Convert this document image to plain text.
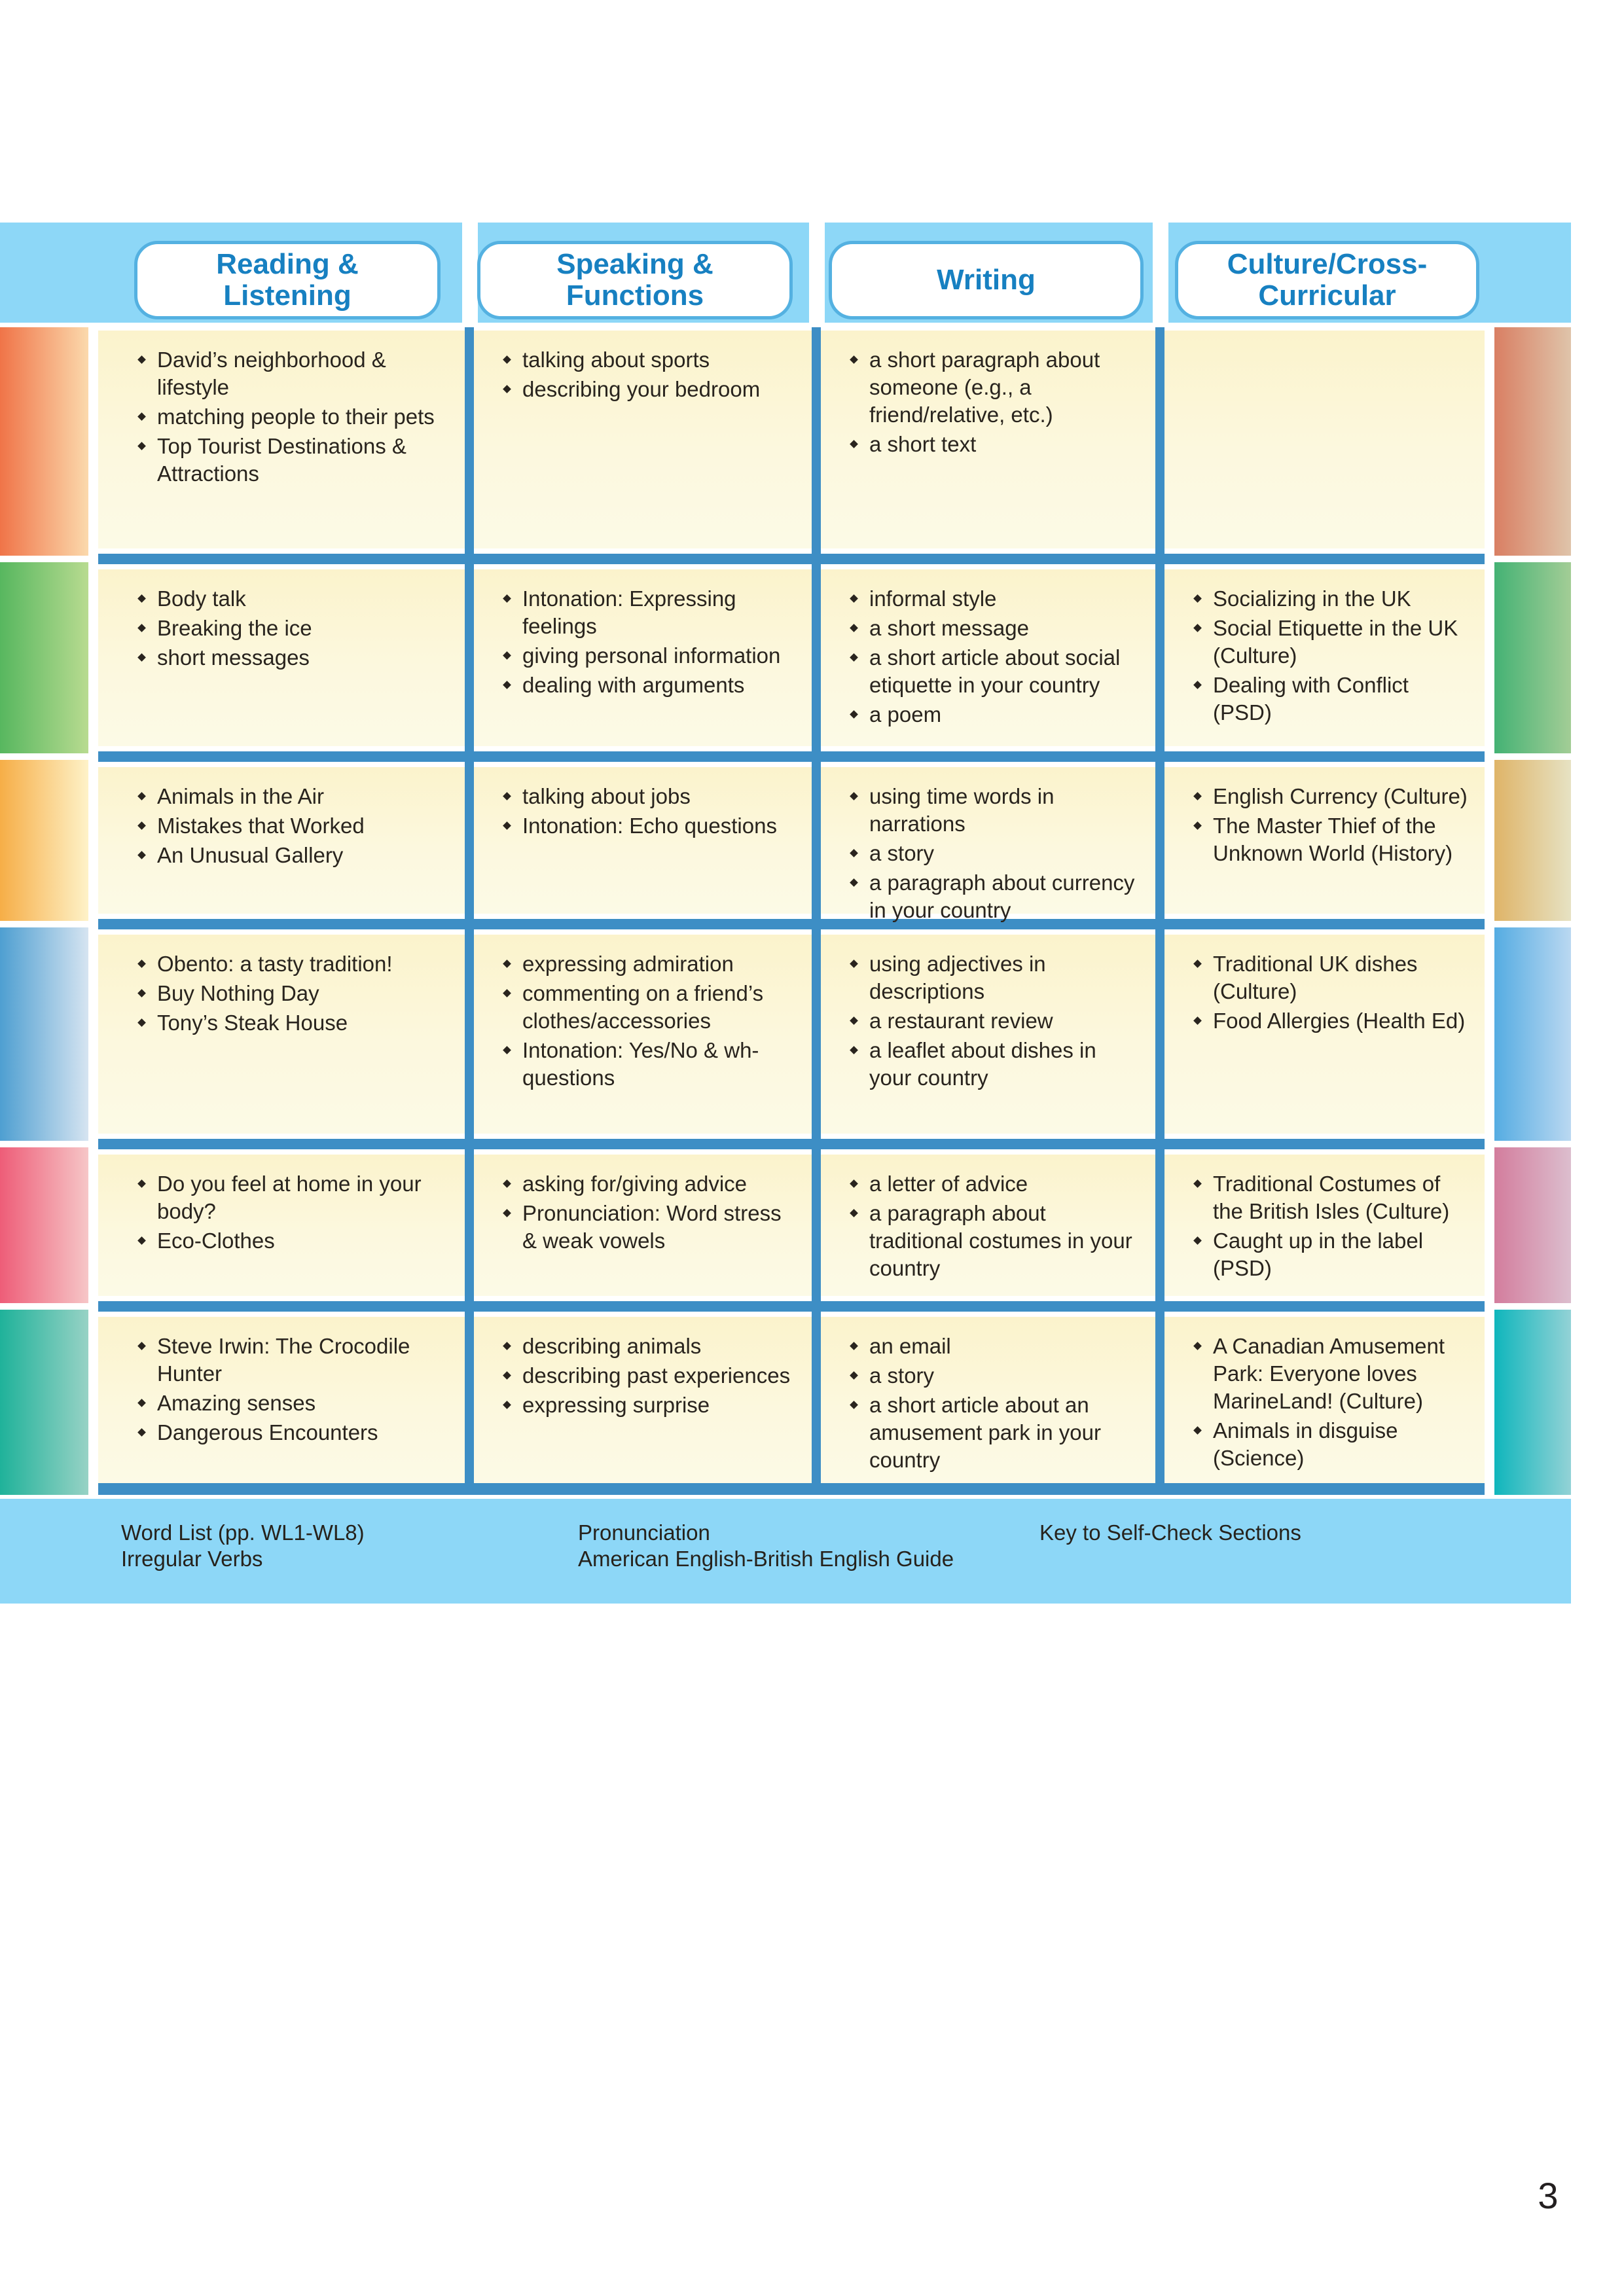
Reading & Listening
Speaking & Functions	Writing	Culture/Cross-Curricular
David’s neighborhood & lifestyle
matching people to their pets
Top Tourist Destinations & Attractions
talking about sports
describing your bedroom
a short paragraph about someone (e.g., a friend/relative, etc.)
a short text
Body talk
Breaking the ice
short messages
Intonation: Expressing feelings
giving personal information
dealing with arguments
informal style
a short message
a short article about social etiquette in your country
a poem
Socializing in the UK
Social Etiquette in the UK (Culture)
Dealing with Conflict (PSD)
Animals in the Air
Mistakes that Worked
An Unusual Gallery
talking about jobs
Intonation: Echo questions
using time words in narrations
a story
a paragraph about currency in your country
English Currency (Culture)
The Master Thief of the Unknown World (History)
Obento: a tasty tradition!
Buy Nothing Day
Tony’s Steak House
expressing admiration
commenting on a friend’s clothes/accessories
Intonation: Yes/No & wh-questions
using adjectives in descriptions
a restaurant review
a leaflet about dishes in your country
Traditional UK dishes (Culture)
Food Allergies (Health Ed)
Do you feel at home in your body?
Eco-Clothes
asking for/giving advice
Pronunciation: Word stress & weak vowels
a letter of advice
a paragraph about traditional costumes in your country
Traditional Costumes of the British Isles (Culture)
Caught up in the label (PSD)
Steve Irwin: The Crocodile Hunter
Amazing senses
Dangerous Encounters
describing animals
describing past experiences
expressing surprise
an email
a story
a short article about an amusement park in your country
A Canadian Amusement Park: Everyone loves MarineLand! (Culture)
Animals in disguise (Science)
Word List (pp. WL1-WL8)
Irregular Verbs
Pronunciation
American English-British English Guide
Key to Self-Check Sections
3
